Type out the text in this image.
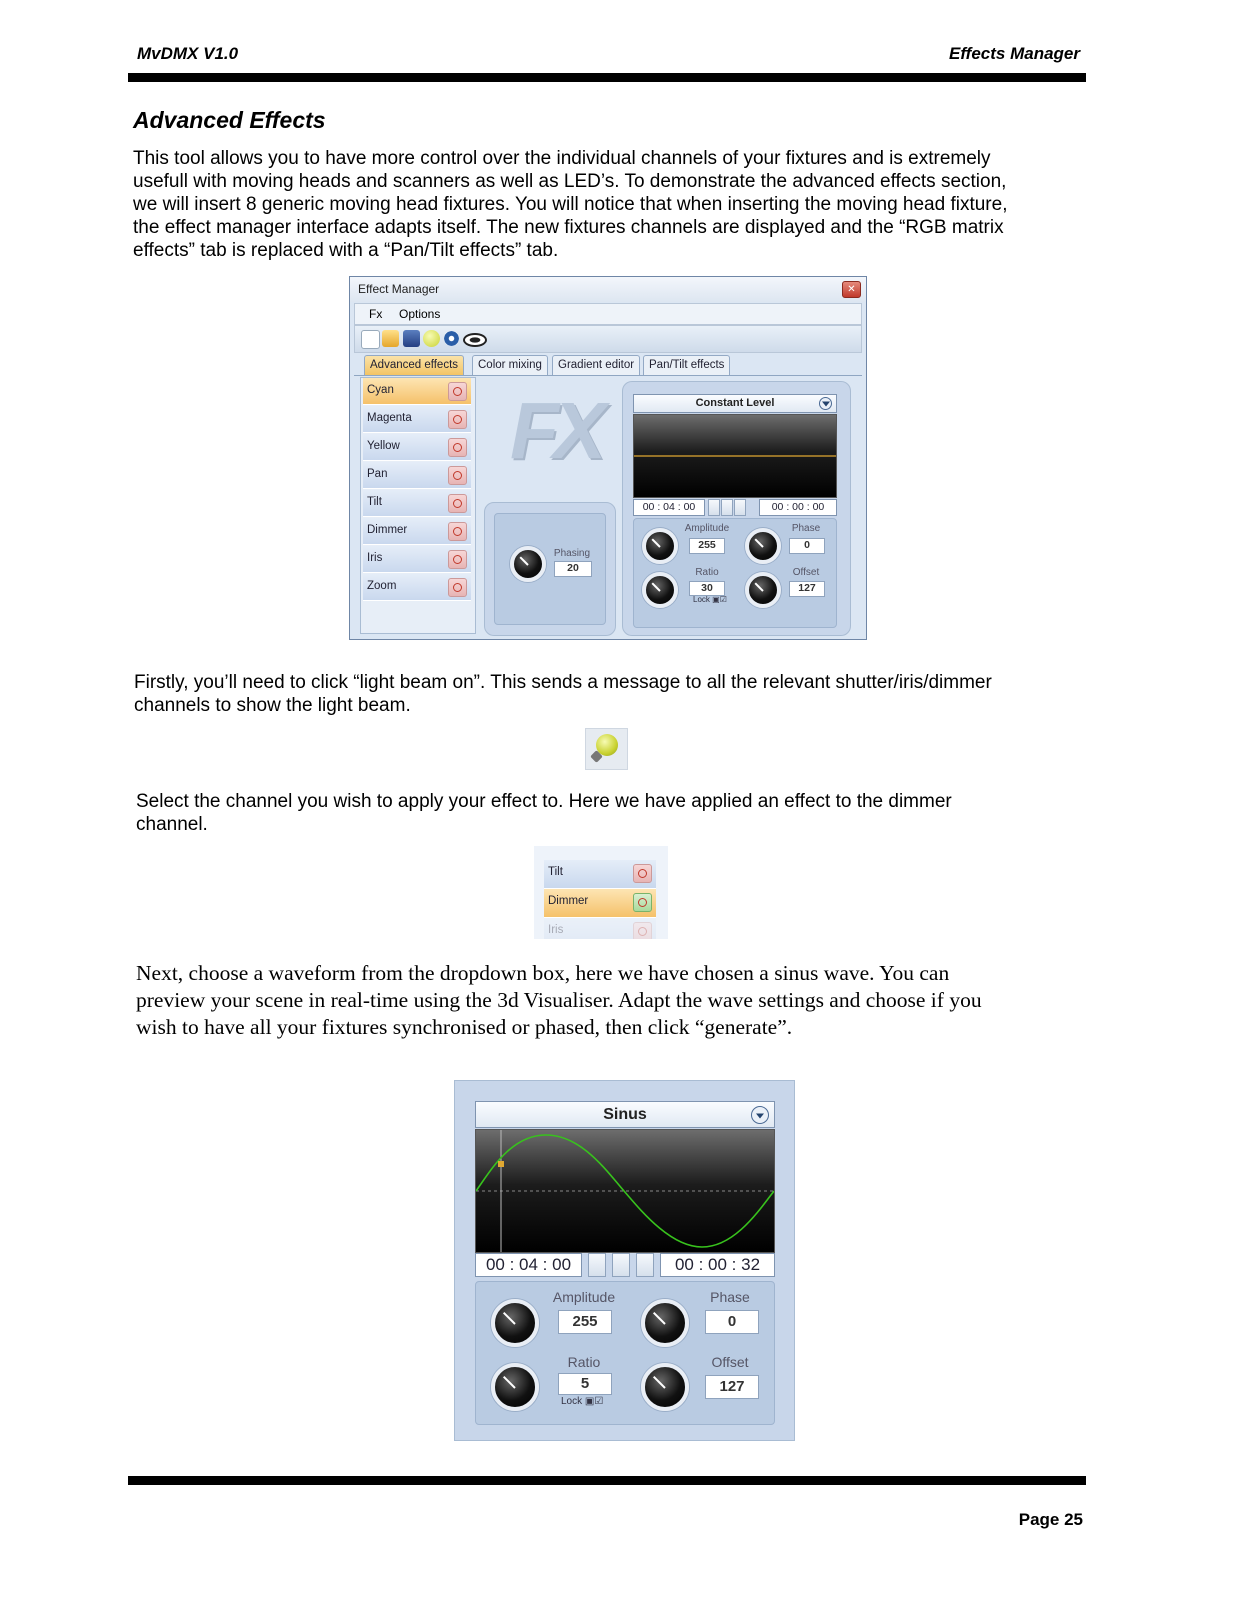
MvDMX V1.0	Effects Manager
Advanced Effects
This tool allows you to have more control over the individual channels of your fixtures and is extremely
usefull with moving heads and scanners as well as LED’s. To demonstrate the advanced effects section,
we will insert 8 generic moving head fixtures. You will notice that when inserting the moving head fixture,
the effect manager interface adapts itself. The new fixtures channels are displayed and the “RGB matrix
effects” tab is replaced with a “Pan/Tilt effects” tab.
Effect Manager	✕
Fx Options
Advanced effects	Color mixing	Gradient editor	Pan/Tilt effects
Cyan
Magenta
Yellow
Pan
Tilt
Dimmer
Iris
Zoom
FX
Phasing
20
Constant Level
00 : 04 : 00	00 : 00 : 00
Amplitude
255
Phase
0
Ratio
30
Lock ▣☑
Offset
127
Firstly, you’ll need to click “light beam on”. This sends a message to all the relevant shutter/iris/dimmer
channels to show the light beam.
Select the channel you wish to apply your effect to. Here we have applied an effect to the dimmer
channel.
Tilt
Dimmer
Iris
Next, choose a waveform from the dropdown box, here we have chosen a sinus wave. You can
preview your scene in real-time using the 3d Visualiser. Adapt the wave settings and choose if you
wish to have all your fixtures synchronised or phased, then click “generate”.
Sinus
00 : 04 : 00	00 : 00 : 32
Amplitude
255
Phase
0
Ratio
5
Lock ▣☑
Offset
127
Page 25
